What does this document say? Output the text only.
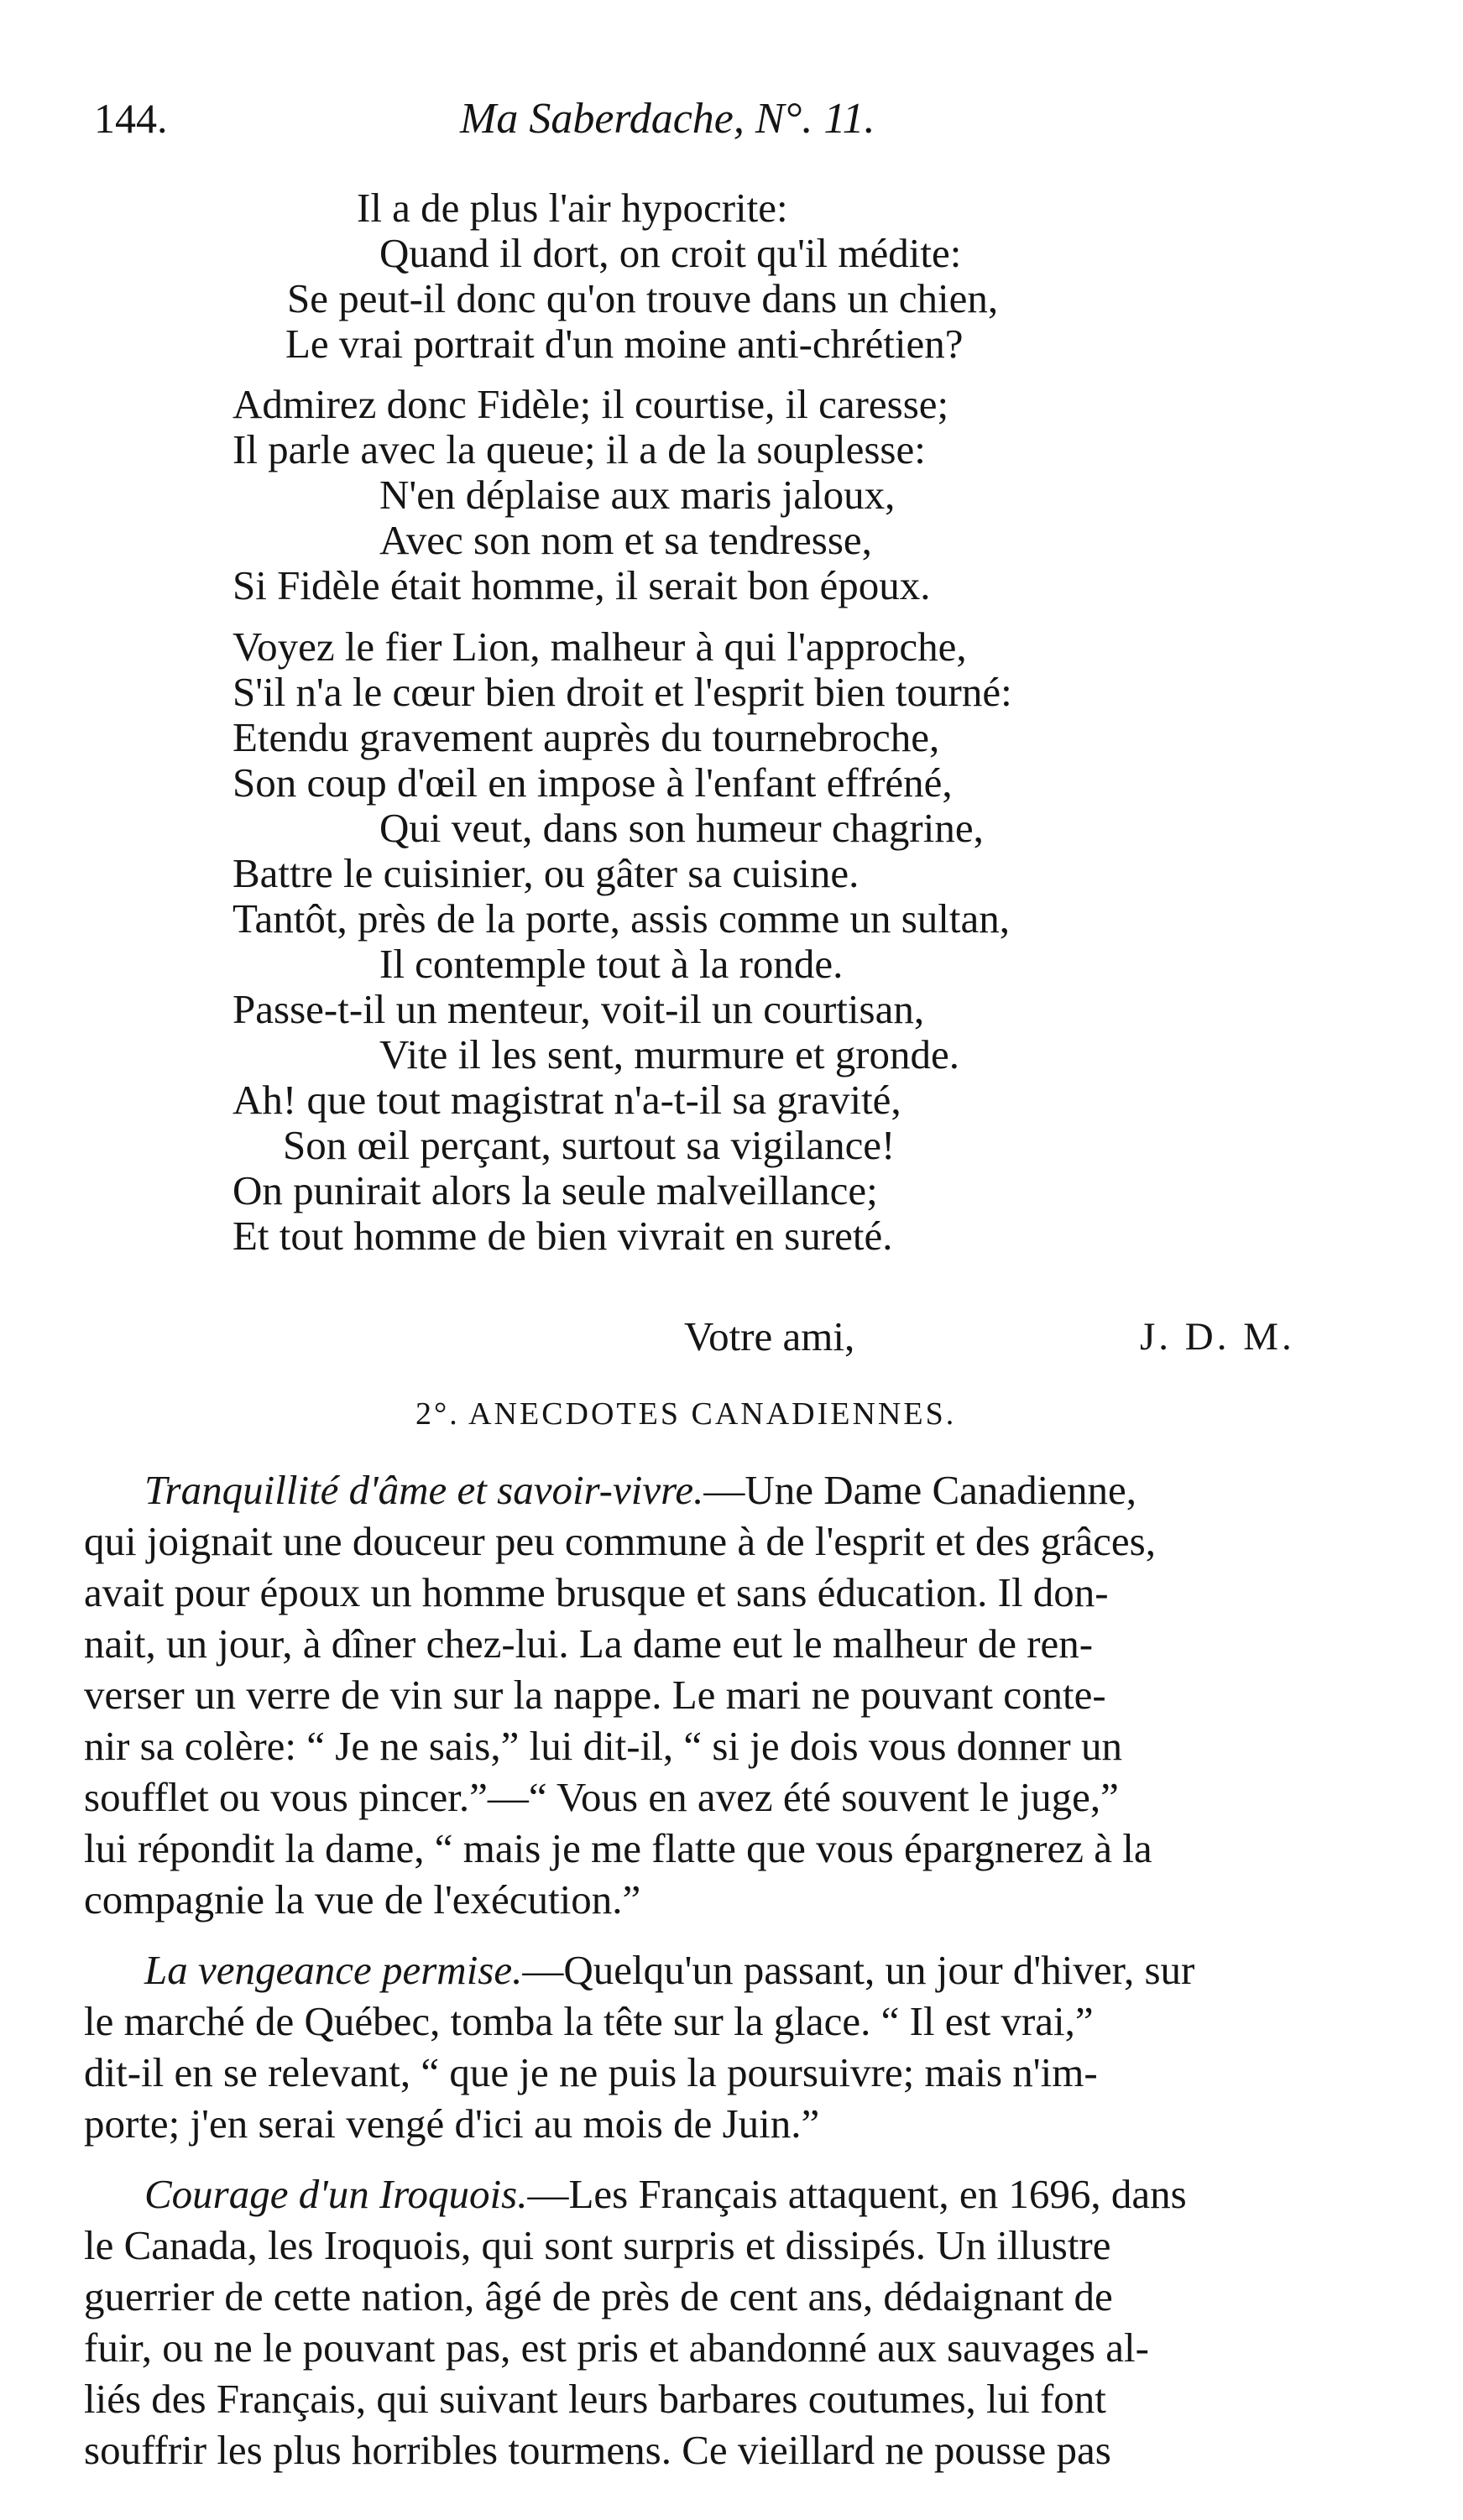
144.	Ma Saberdache, N°. 11.
Il a de plus l'air hypocrite:
Quand il dort, on croit qu'il médite:
Se peut-il donc qu'on trouve dans un chien,
Le vrai portrait d'un moine anti-chrétien?
Admirez donc Fidèle; il courtise, il caresse;
Il parle avec la queue; il a de la souplesse:
N'en déplaise aux maris jaloux,
Avec son nom et sa tendresse,
Si Fidèle était homme, il serait bon époux.
Voyez le fier Lion, malheur à qui l'approche,
S'il n'a le cœur bien droit et l'esprit bien tourné:
Etendu gravement auprès du tournebroche,
Son coup d'œil en impose à l'enfant effréné,
Qui veut, dans son humeur chagrine,
Battre le cuisinier, ou gâter sa cuisine.
Tantôt, près de la porte, assis comme un sultan,
Il contemple tout à la ronde.
Passe-t-il un menteur, voit-il un courtisan,
Vite il les sent, murmure et gronde.
Ah! que tout magistrat n'a-t-il sa gravité,
Son œil perçant, surtout sa vigilance!
On punirait alors la seule malveillance;
Et tout homme de bien vivrait en sureté.
Votre ami,	J. D. M.
2°. ANECDOTES CANADIENNES.
Tranquillité d'âme et savoir-vivre.—Une Dame Canadienne,
qui joignait une douceur peu commune à de l'esprit et des grâces,
avait pour époux un homme brusque et sans éducation. Il don-
nait, un jour, à dîner chez-lui. La dame eut le malheur de ren-
verser un verre de vin sur la nappe. Le mari ne pouvant conte-
nir sa colère: “ Je ne sais,” lui dit-il, “ si je dois vous donner un
soufflet ou vous pincer.”—“ Vous en avez été souvent le juge,”
lui répondit la dame, “ mais je me flatte que vous épargnerez à la
compagnie la vue de l'exécution.”
La vengeance permise.—Quelqu'un passant, un jour d'hiver, sur
le marché de Québec, tomba la tête sur la glace. “ Il est vrai,”
dit-il en se relevant, “ que je ne puis la poursuivre; mais n'im-
porte; j'en serai vengé d'ici au mois de Juin.”
Courage d'un Iroquois.—Les Français attaquent, en 1696, dans
le Canada, les Iroquois, qui sont surpris et dissipés. Un illustre
guerrier de cette nation, âgé de près de cent ans, dédaignant de
fuir, ou ne le pouvant pas, est pris et abandonné aux sauvages al-
liés des Français, qui suivant leurs barbares coutumes, lui font
souffrir les plus horribles tourmens. Ce vieillard ne pousse pas
